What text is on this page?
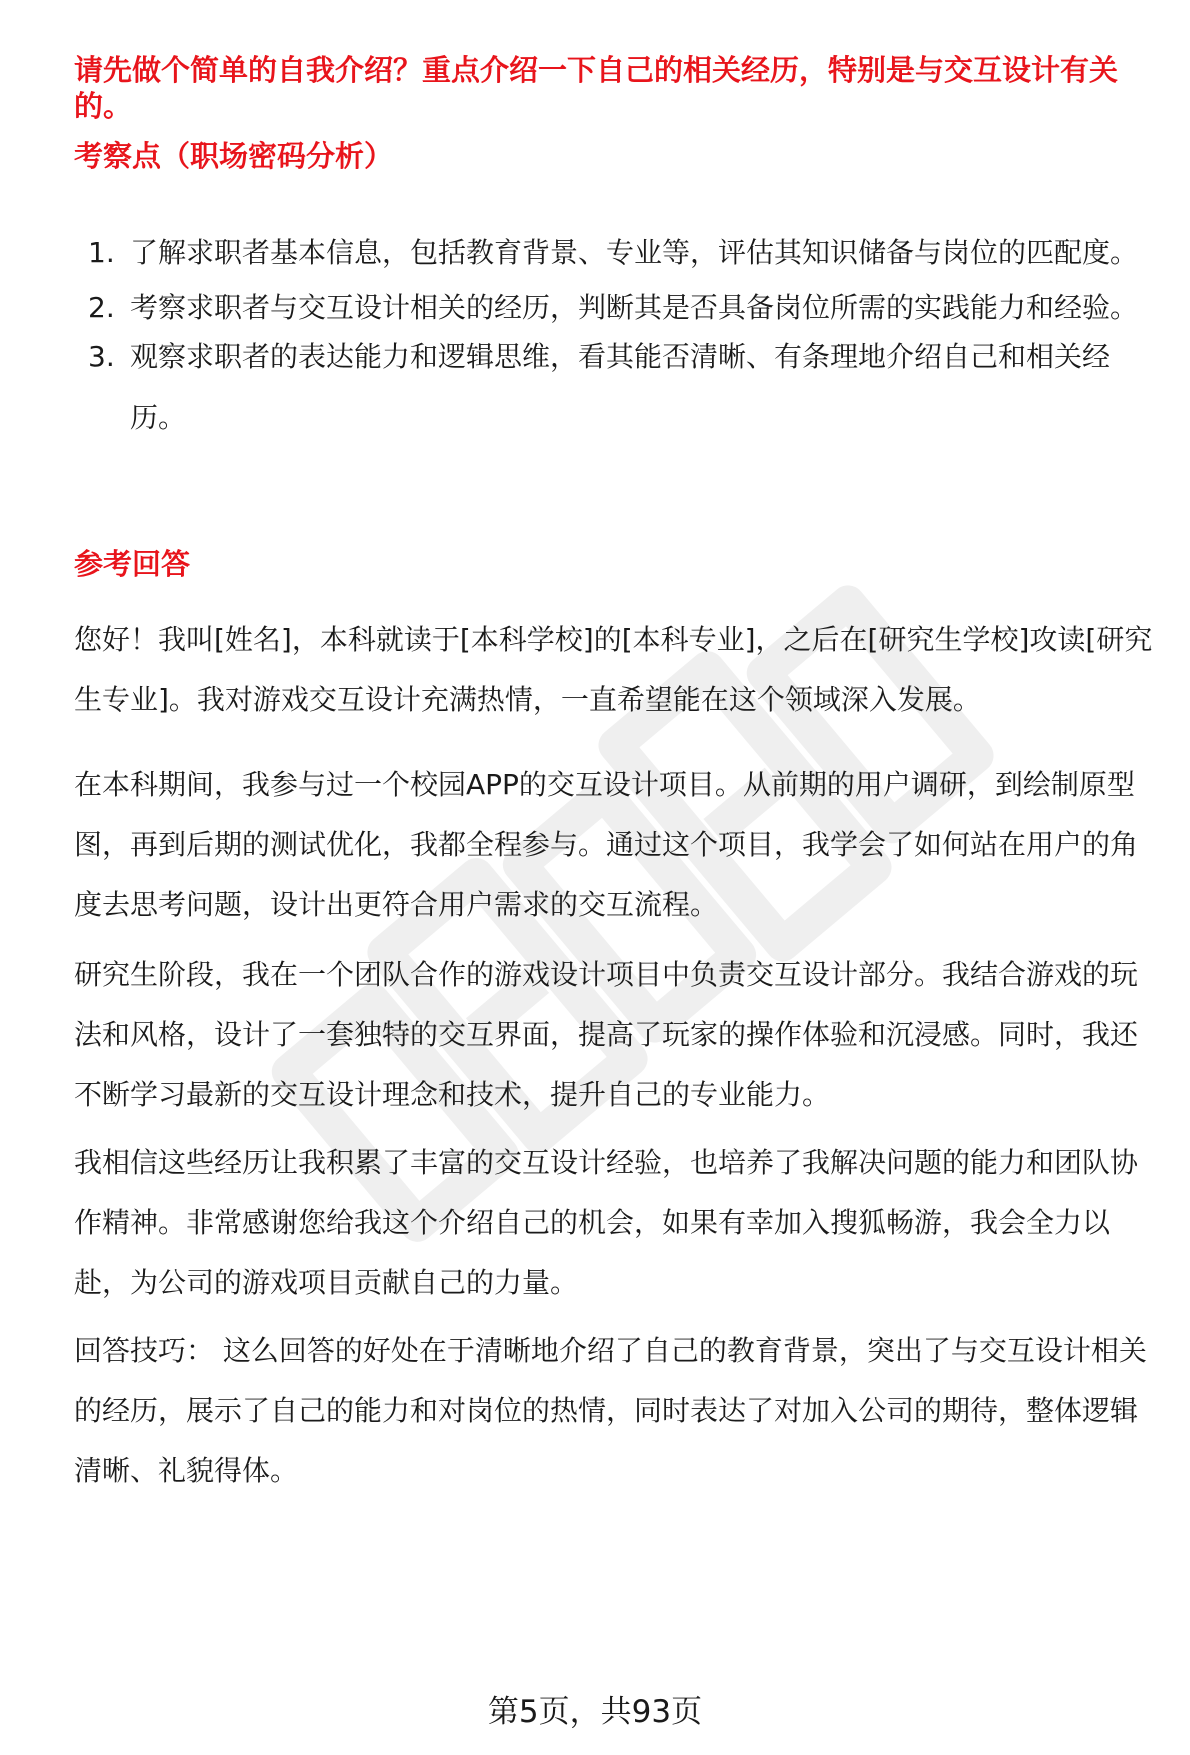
请先做个简单的自我介绍？重点介绍一下自己的相关经历，特别是与交互设计有关的。

考察点（职场密码分析）

1. 了解求职者基本信息，包括教育背景、专业等，评估其知识储备与岗位的匹配度。
2. 考察求职者与交互设计相关的经历，判断其是否具备岗位所需的实践能力和经验。
3. 观察求职者的表达能力和逻辑思维，看其能否清晰、有条理地介绍自己和相关经历。

参考回答

您好！我叫[姓名]，本科就读于[本科学校]的[本科专业]，之后在[研究生学校]攻读[研究生专业]。我对游戏交互设计充满热情，一直希望能在这个领域深入发展。

在本科期间，我参与过一个校园APP的交互设计项目。从前期的用户调研，到绘制原型图，再到后期的测试优化，我都全程参与。通过这个项目，我学会了如何站在用户的角度去思考问题，设计出更符合用户需求的交互流程。

研究生阶段，我在一个团队合作的游戏设计项目中负责交互设计部分。我结合游戏的玩法和风格，设计了一套独特的交互界面，提高了玩家的操作体验和沉浸感。同时，我还不断学习最新的交互设计理念和技术，提升自己的专业能力。

我相信这些经历让我积累了丰富的交互设计经验，也培养了我解决问题的能力和团队协作精神。非常感谢您给我这个介绍自己的机会，如果有幸加入搜狐畅游，我会全力以赴，为公司的游戏项目贡献自己的力量。

回答技巧： 这么回答的好处在于清晰地介绍了自己的教育背景，突出了与交互设计相关的经历，展示了自己的能力和对岗位的热情，同时表达了对加入公司的期待，整体逻辑清晰、礼貌得体。

第5页，共93页
